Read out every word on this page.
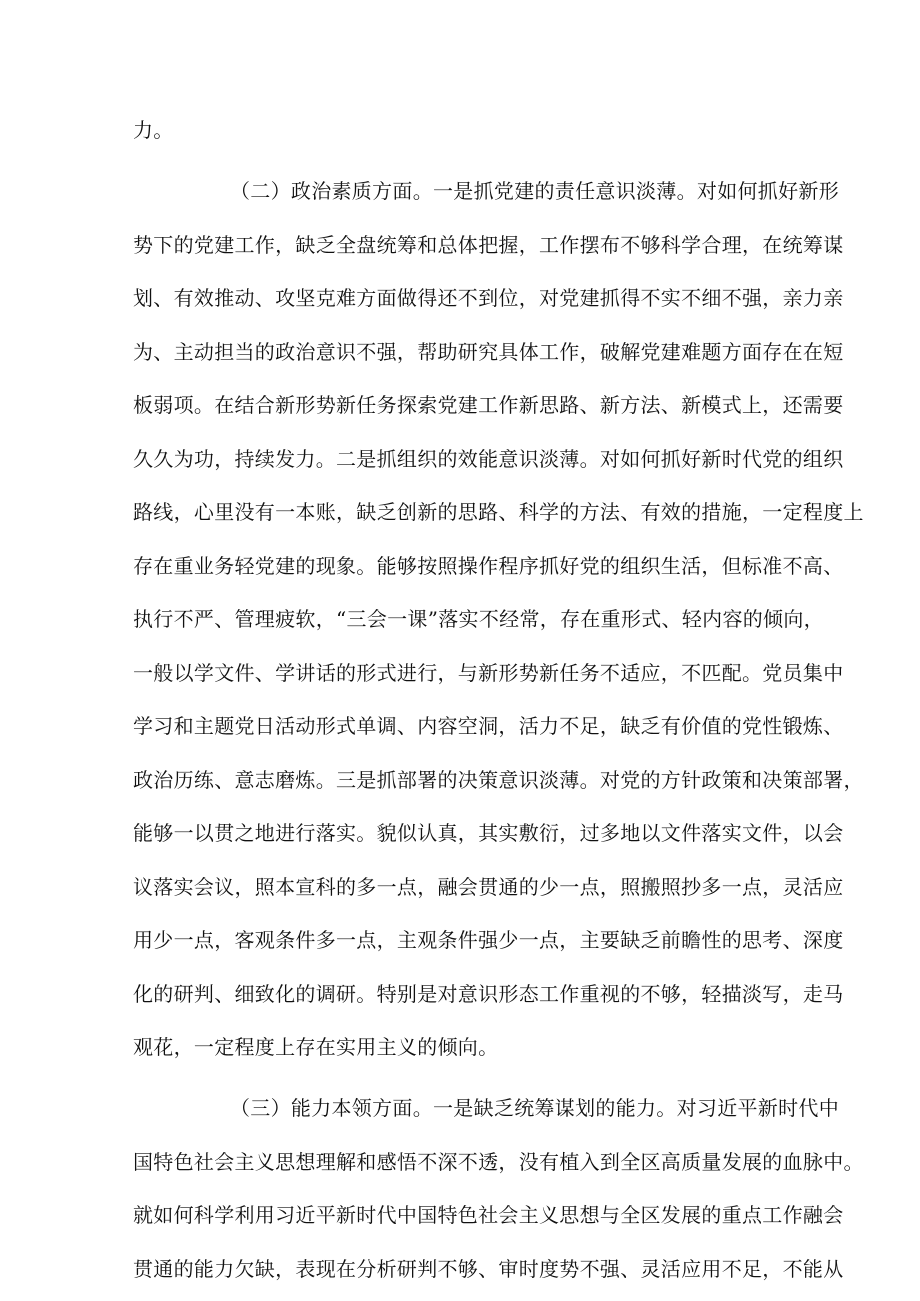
力。
（二）政治素质方面。一是抓党建的责任意识淡薄。对如何抓好新形
势下的党建工作，缺乏全盘统筹和总体把握，工作摆布不够科学合理，在统筹谋
划、有效推动、攻坚克难方面做得还不到位，对党建抓得不实不细不强，亲力亲
为、主动担当的政治意识不强，帮助研究具体工作，破解党建难题方面存在在短
板弱项。在结合新形势新任务探索党建工作新思路、新方法、新模式上，还需要
久久为功，持续发力。二是抓组织的效能意识淡薄。对如何抓好新时代党的组织
路线，心里没有一本账，缺乏创新的思路、科学的方法、有效的措施，一定程度上
存在重业务轻党建的现象。能够按照操作程序抓好党的组织生活，但标准不高、
执行不严、管理疲软，“三会一课”落实不经常，存在重形式、轻内容的倾向，
一般以学文件、学讲话的形式进行，与新形势新任务不适应，不匹配。党员集中
学习和主题党日活动形式单调、内容空洞，活力不足，缺乏有价值的党性锻炼、
政治历练、意志磨炼。三是抓部署的决策意识淡薄。对党的方针政策和决策部署，
能够一以贯之地进行落实。貌似认真，其实敷衍，过多地以文件落实文件，以会
议落实会议，照本宣科的多一点，融会贯通的少一点，照搬照抄多一点，灵活应
用少一点，客观条件多一点，主观条件强少一点，主要缺乏前瞻性的思考、深度
化的研判、细致化的调研。特别是对意识形态工作重视的不够，轻描淡写，走马
观花，一定程度上存在实用主义的倾向。
（三）能力本领方面。一是缺乏统筹谋划的能力。对习近平新时代中
国特色社会主义思想理解和感悟不深不透，没有植入到全区高质量发展的血脉中。
就如何科学利用习近平新时代中国特色社会主义思想与全区发展的重点工作融会
贯通的能力欠缺，表现在分析研判不够、审时度势不强、灵活应用不足，不能从
